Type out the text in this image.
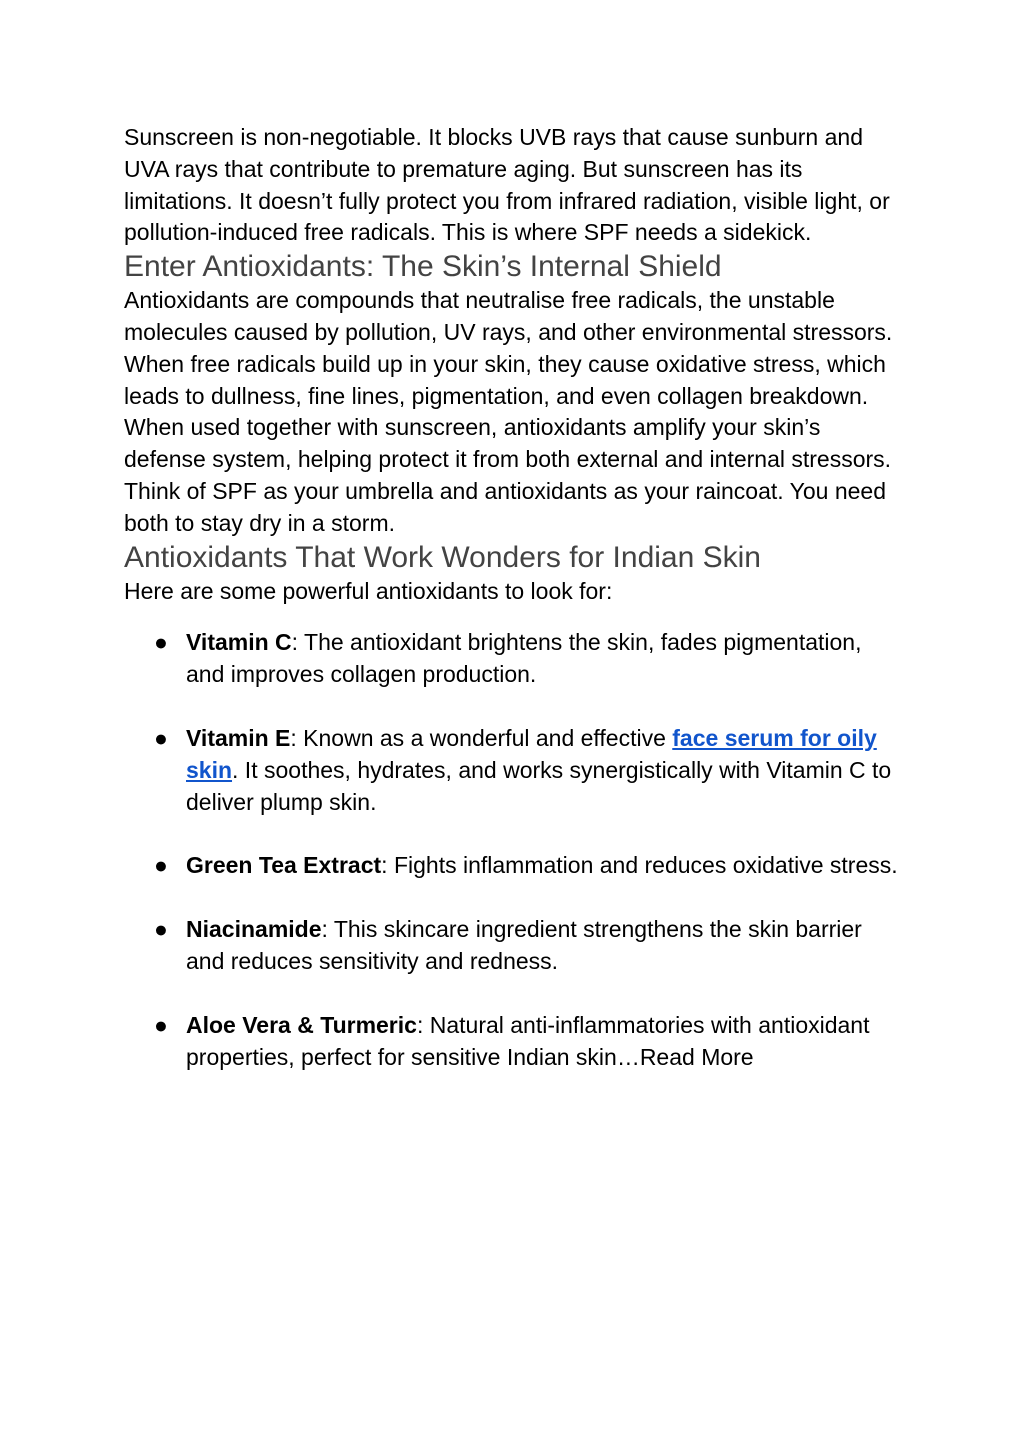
Sunscreen is non-negotiable. It blocks UVB rays that cause sunburn and UVA rays that contribute to premature aging. But sunscreen has its limitations. It doesn’t fully protect you from infrared radiation, visible light, or pollution-induced free radicals. This is where SPF needs a sidekick.

Enter Antioxidants: The Skin’s Internal Shield

Antioxidants are compounds that neutralise free radicals, the unstable molecules caused by pollution, UV rays, and other environmental stressors. When free radicals build up in your skin, they cause oxidative stress, which leads to dullness, fine lines, pigmentation, and even collagen breakdown.

When used together with sunscreen, antioxidants amplify your skin’s defense system, helping protect it from both external and internal stressors. Think of SPF as your umbrella and antioxidants as your raincoat. You need both to stay dry in a storm.

Antioxidants That Work Wonders for Indian Skin

Here are some powerful antioxidants to look for:

● Vitamin C: The antioxidant brightens the skin, fades pigmentation, and improves collagen production.
● Vitamin E: Known as a wonderful and effective face serum for oily skin. It soothes, hydrates, and works synergistically with Vitamin C to deliver plump skin.
● Green Tea Extract: Fights inflammation and reduces oxidative stress.
● Niacinamide: This skincare ingredient strengthens the skin barrier and reduces sensitivity and redness.
● Aloe Vera & Turmeric: Natural anti-inflammatories with antioxidant properties, perfect for sensitive Indian skin…Read More
